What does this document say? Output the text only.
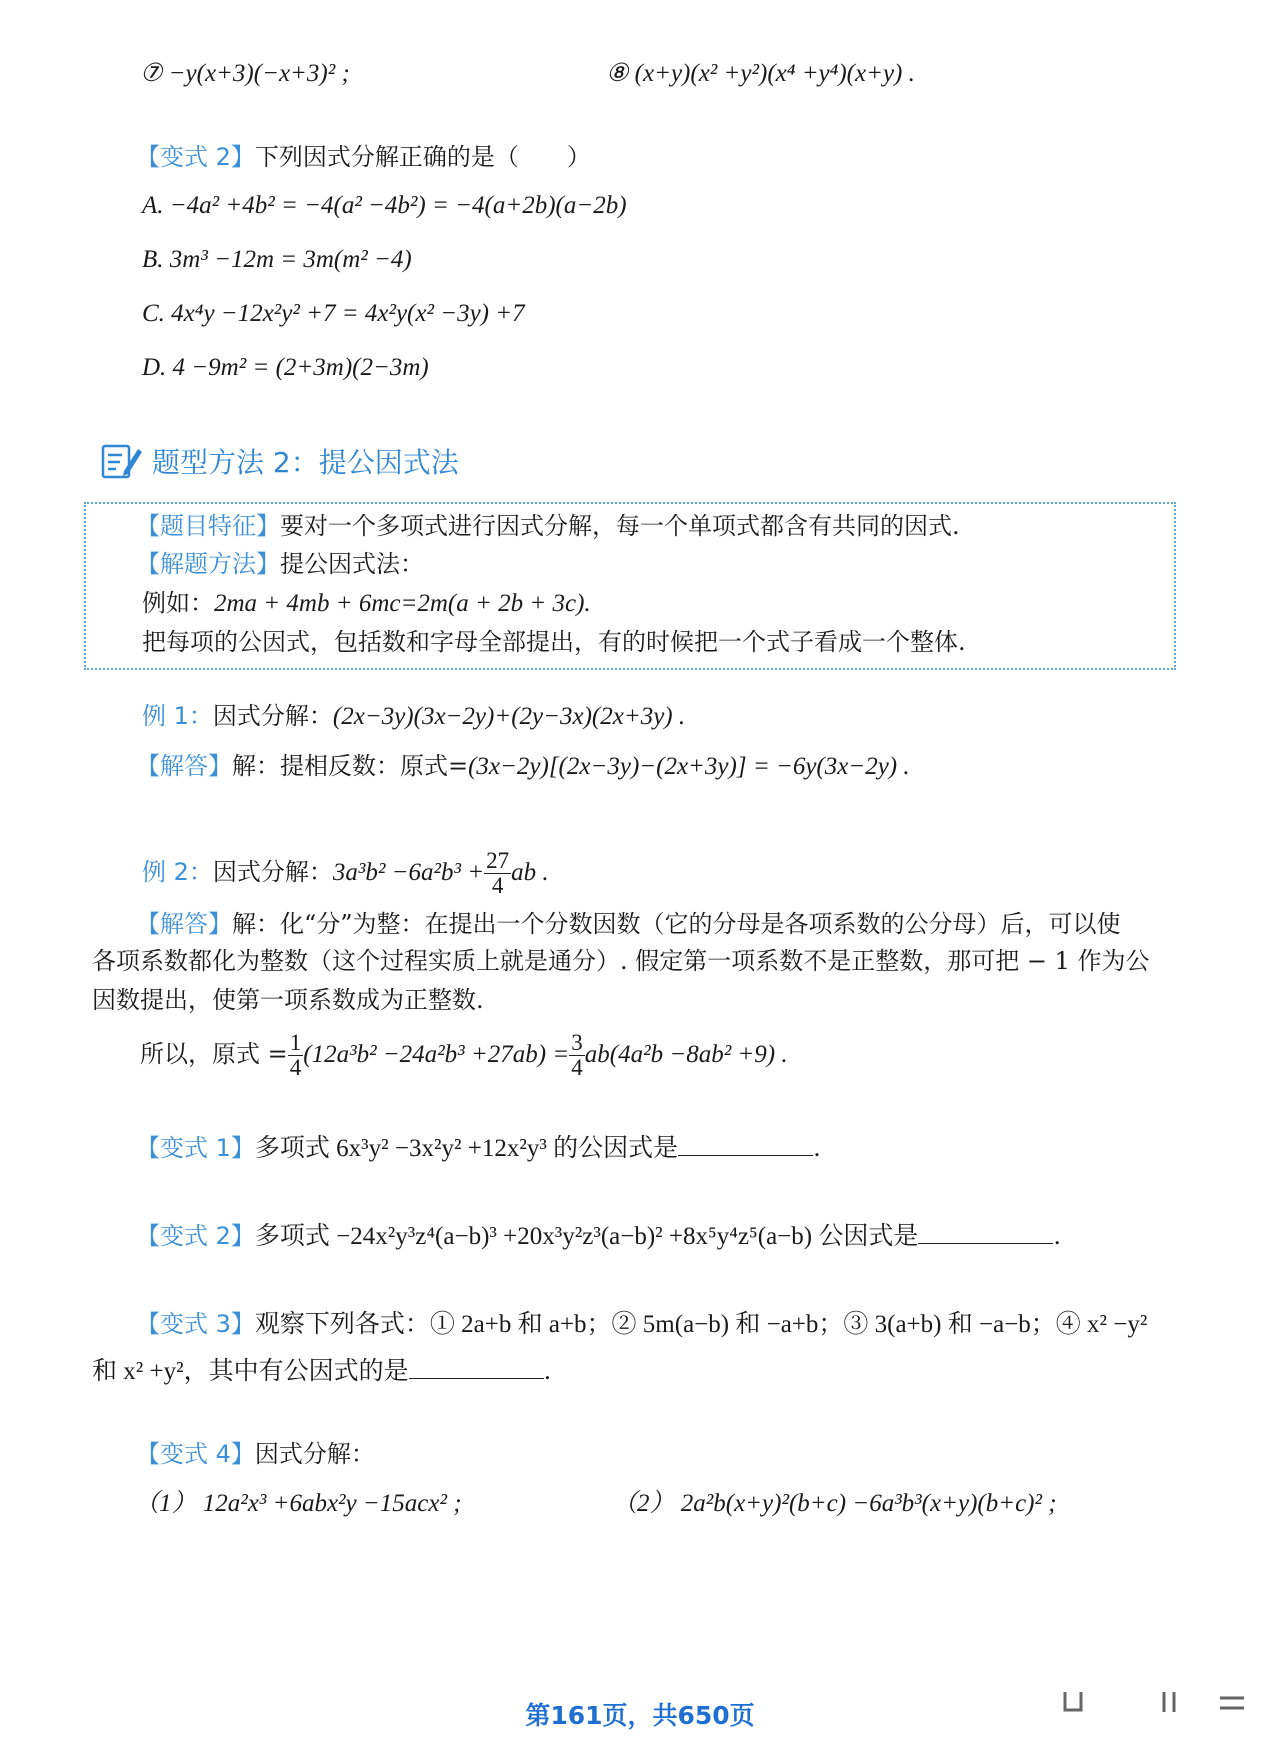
⑦ −y(x+3)(−x+3)² ;	⑧ (x+y)(x² +y²)(x⁴ +y⁴)(x+y) .
【变式 2】下列因式分解正确的是（　　）
A. −4a² +4b² = −4(a² −4b²) = −4(a+2b)(a−2b)
B. 3m³ −12m = 3m(m² −4)
C. 4x⁴y −12x²y² +7 = 4x²y(x² −3y) +7
D. 4 −9m² = (2+3m)(2−3m)
题型方法 2：提公因式法
【题目特征】要对一个多项式进行因式分解，每一个单项式都含有共同的因式.
【解题方法】提公因式法：
例如：2ma + 4mb + 6mc=2m(a + 2b + 3c).
把每项的公因式，包括数和字母全部提出，有的时候把一个式子看成一个整体.
例 1：因式分解：(2x−3y)(3x−2y)+(2y−3x)(2x+3y) .
【解答】解：提相反数：原式=(3x−2y)[(2x−3y)−(2x+3y)] = −6y(3x−2y) .
例 2：因式分解：$3a^3b^2 -6a^2b^3 + \frac{27}{4}$ ab .
【解答】解：化“分”为整：在提出一个分数因数（它的分母是各项系数的公分母）后，可以使
各项系数都化为整数（这个过程实质上就是通分）. 假定第一项系数不是正整数，那可把 − 1 作为公
因数提出，使第一项系数成为正整数.
所以，原式 = $\frac{1}{4} (12a^3b^2 -24a^2b^3 +27ab) = \frac{3}{4} ab(4a^2b -8ab^2 +9)$ .
【变式 1】多项式 6x³y² −3x²y² +12x²y³ 的公因式是	.
【变式 2】多项式 −24x²y³z⁴(a−b)³ +20x³y²z³(a−b)² +8x⁵y⁴z⁵(a−b) 公因式是	.
【变式 3】观察下列各式：① 2a+b 和 a+b；② 5m(a−b) 和 −a+b；③ 3(a+b) 和 −a−b；④ x² −y²
和 x² +y²，其中有公因式的是	.
【变式 4】因式分解：
（1） 12a²x³ +6abx²y −15acx² ;	（2） 2a²b(x+y)²(b+c) −6a³b³(x+y)(b+c)² ;
第161页，共650页
